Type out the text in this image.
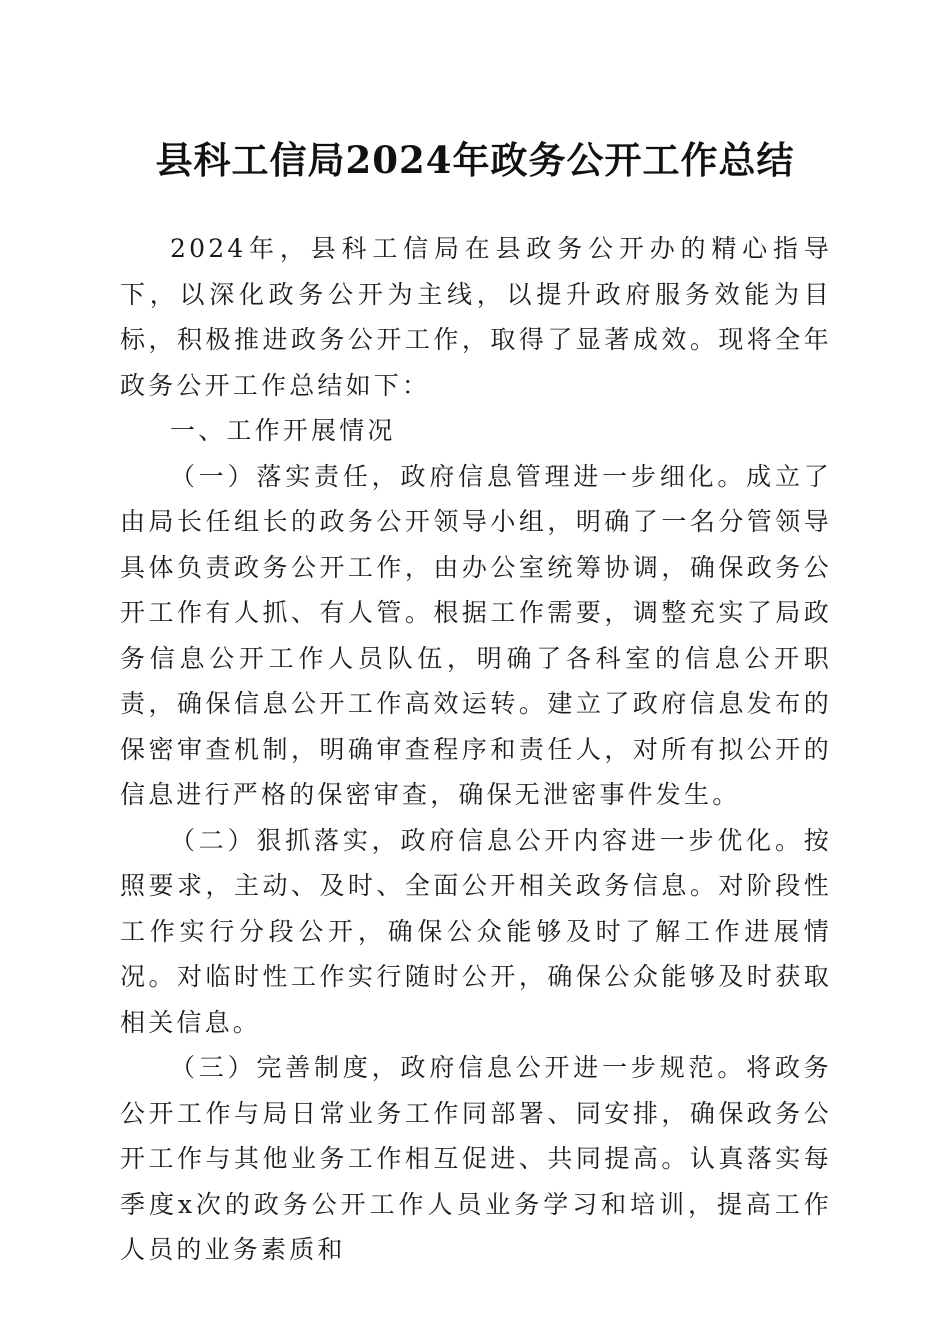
县科工信局2024年政务公开工作总结

2024年，县科工信局在县政务公开办的精心指导下，以深化政务公开为主线，以提升政府服务效能为目标，积极推进政务公开工作，取得了显著成效。现将全年政务公开工作总结如下：

一、工作开展情况

（一）落实责任，政府信息管理进一步细化。成立了由局长任组长的政务公开领导小组，明确了一名分管领导具体负责政务公开工作，由办公室统筹协调，确保政务公开工作有人抓、有人管。根据工作需要，调整充实了局政务信息公开工作人员队伍，明确了各科室的信息公开职责，确保信息公开工作高效运转。建立了政府信息发布的保密审查机制，明确审查程序和责任人，对所有拟公开的信息进行严格的保密审查，确保无泄密事件发生。

（二）狠抓落实，政府信息公开内容进一步优化。按照要求，主动、及时、全面公开相关政务信息。对阶段性工作实行分段公开，确保公众能够及时了解工作进展情况。对临时性工作实行随时公开，确保公众能够及时获取相关信息。

（三）完善制度，政府信息公开进一步规范。将政务公开工作与局日常业务工作同部署、同安排，确保政务公开工作与其他业务工作相互促进、共同提高。认真落实每季度x次的政务公开工作人员业务学习和培训，提高工作人员的业务素质和
